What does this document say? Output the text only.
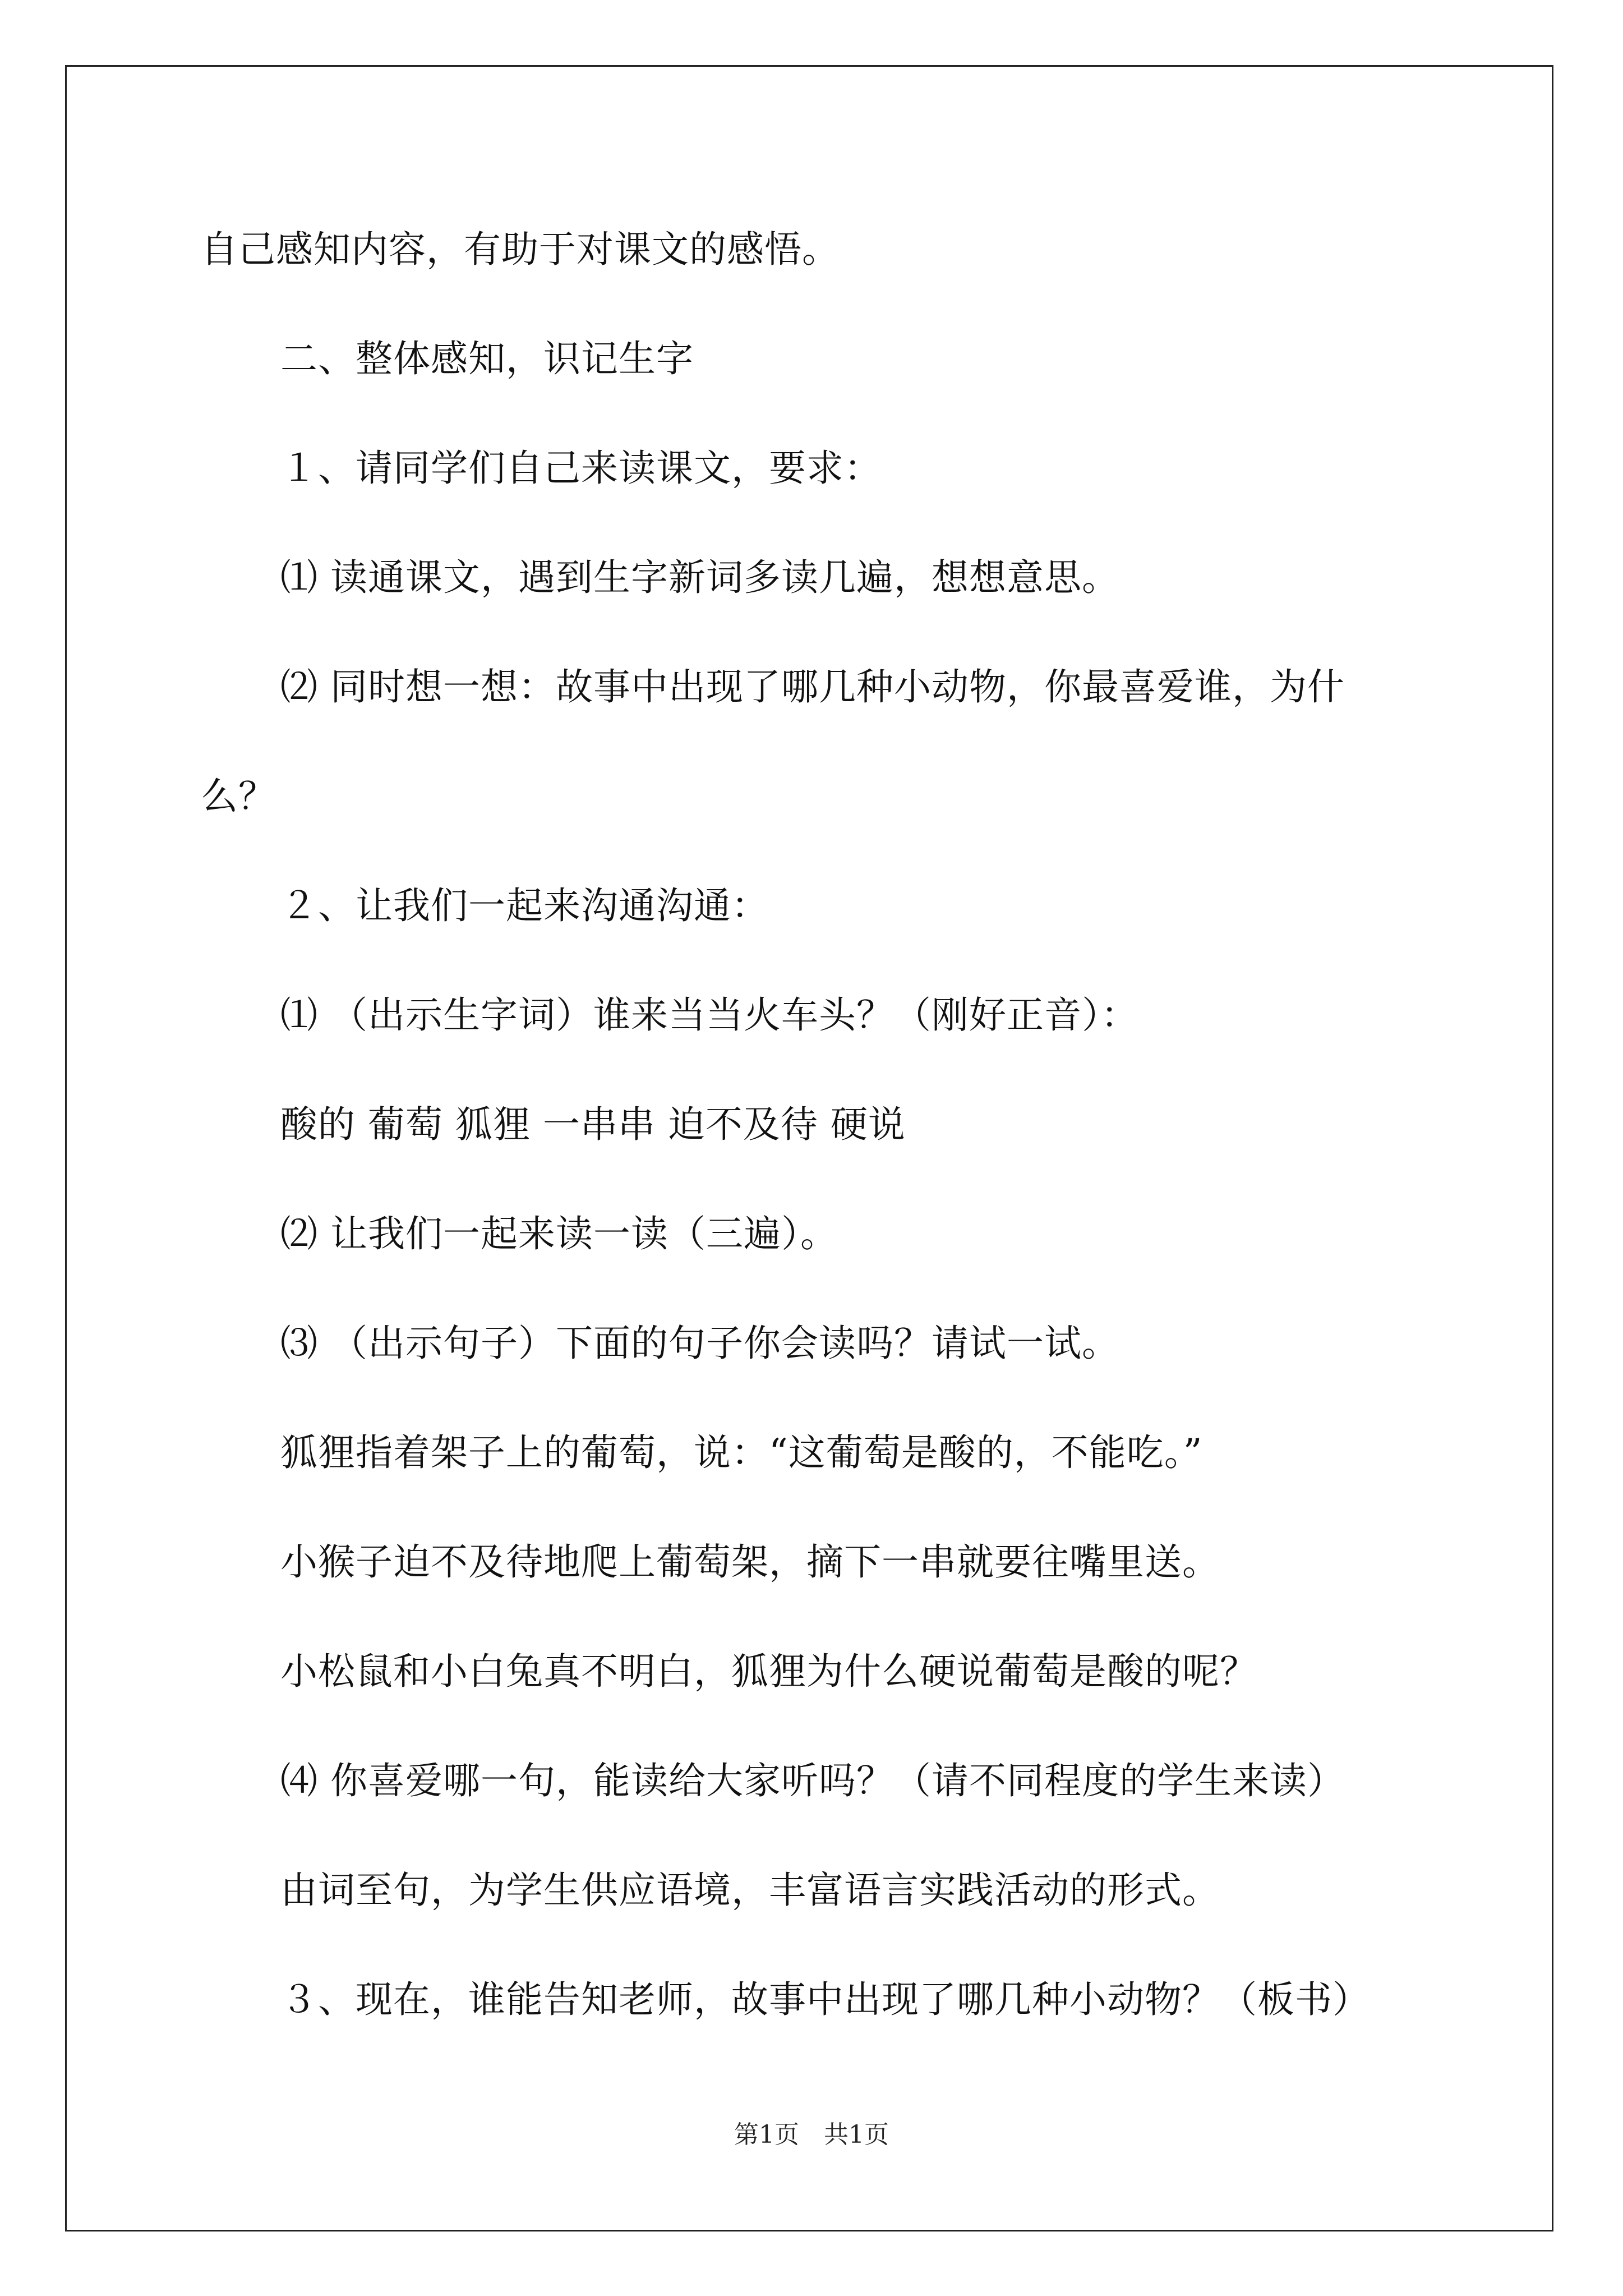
自己感知内容，有助于对课文的感悟。
二、整体感知，识记生字
１、请同学们自己来读课文，要求：
⑴ 读通课文，遇到生字新词多读几遍，想想意思。
⑵ 同时想一想：故事中出现了哪几种小动物，你最喜爱谁，为什
么？
２、让我们一起来沟通沟通：
⑴ （出示生字词）谁来当当火车头？（刚好正音）：
酸的 葡萄 狐狸 一串串 迫不及待 硬说
⑵ 让我们一起来读一读（三遍）。
⑶ （出示句子）下面的句子你会读吗？请试一试。
狐狸指着架子上的葡萄，说：“这葡萄是酸的，不能吃。”
小猴子迫不及待地爬上葡萄架，摘下一串就要往嘴里送。
小松鼠和小白兔真不明白，狐狸为什么硬说葡萄是酸的呢？
⑷ 你喜爱哪一句，能读给大家听吗？（请不同程度的学生来读）
由词至句，为学生供应语境，丰富语言实践活动的形式。
３、现在，谁能告知老师，故事中出现了哪几种小动物？（板书）
第1页　共1页
